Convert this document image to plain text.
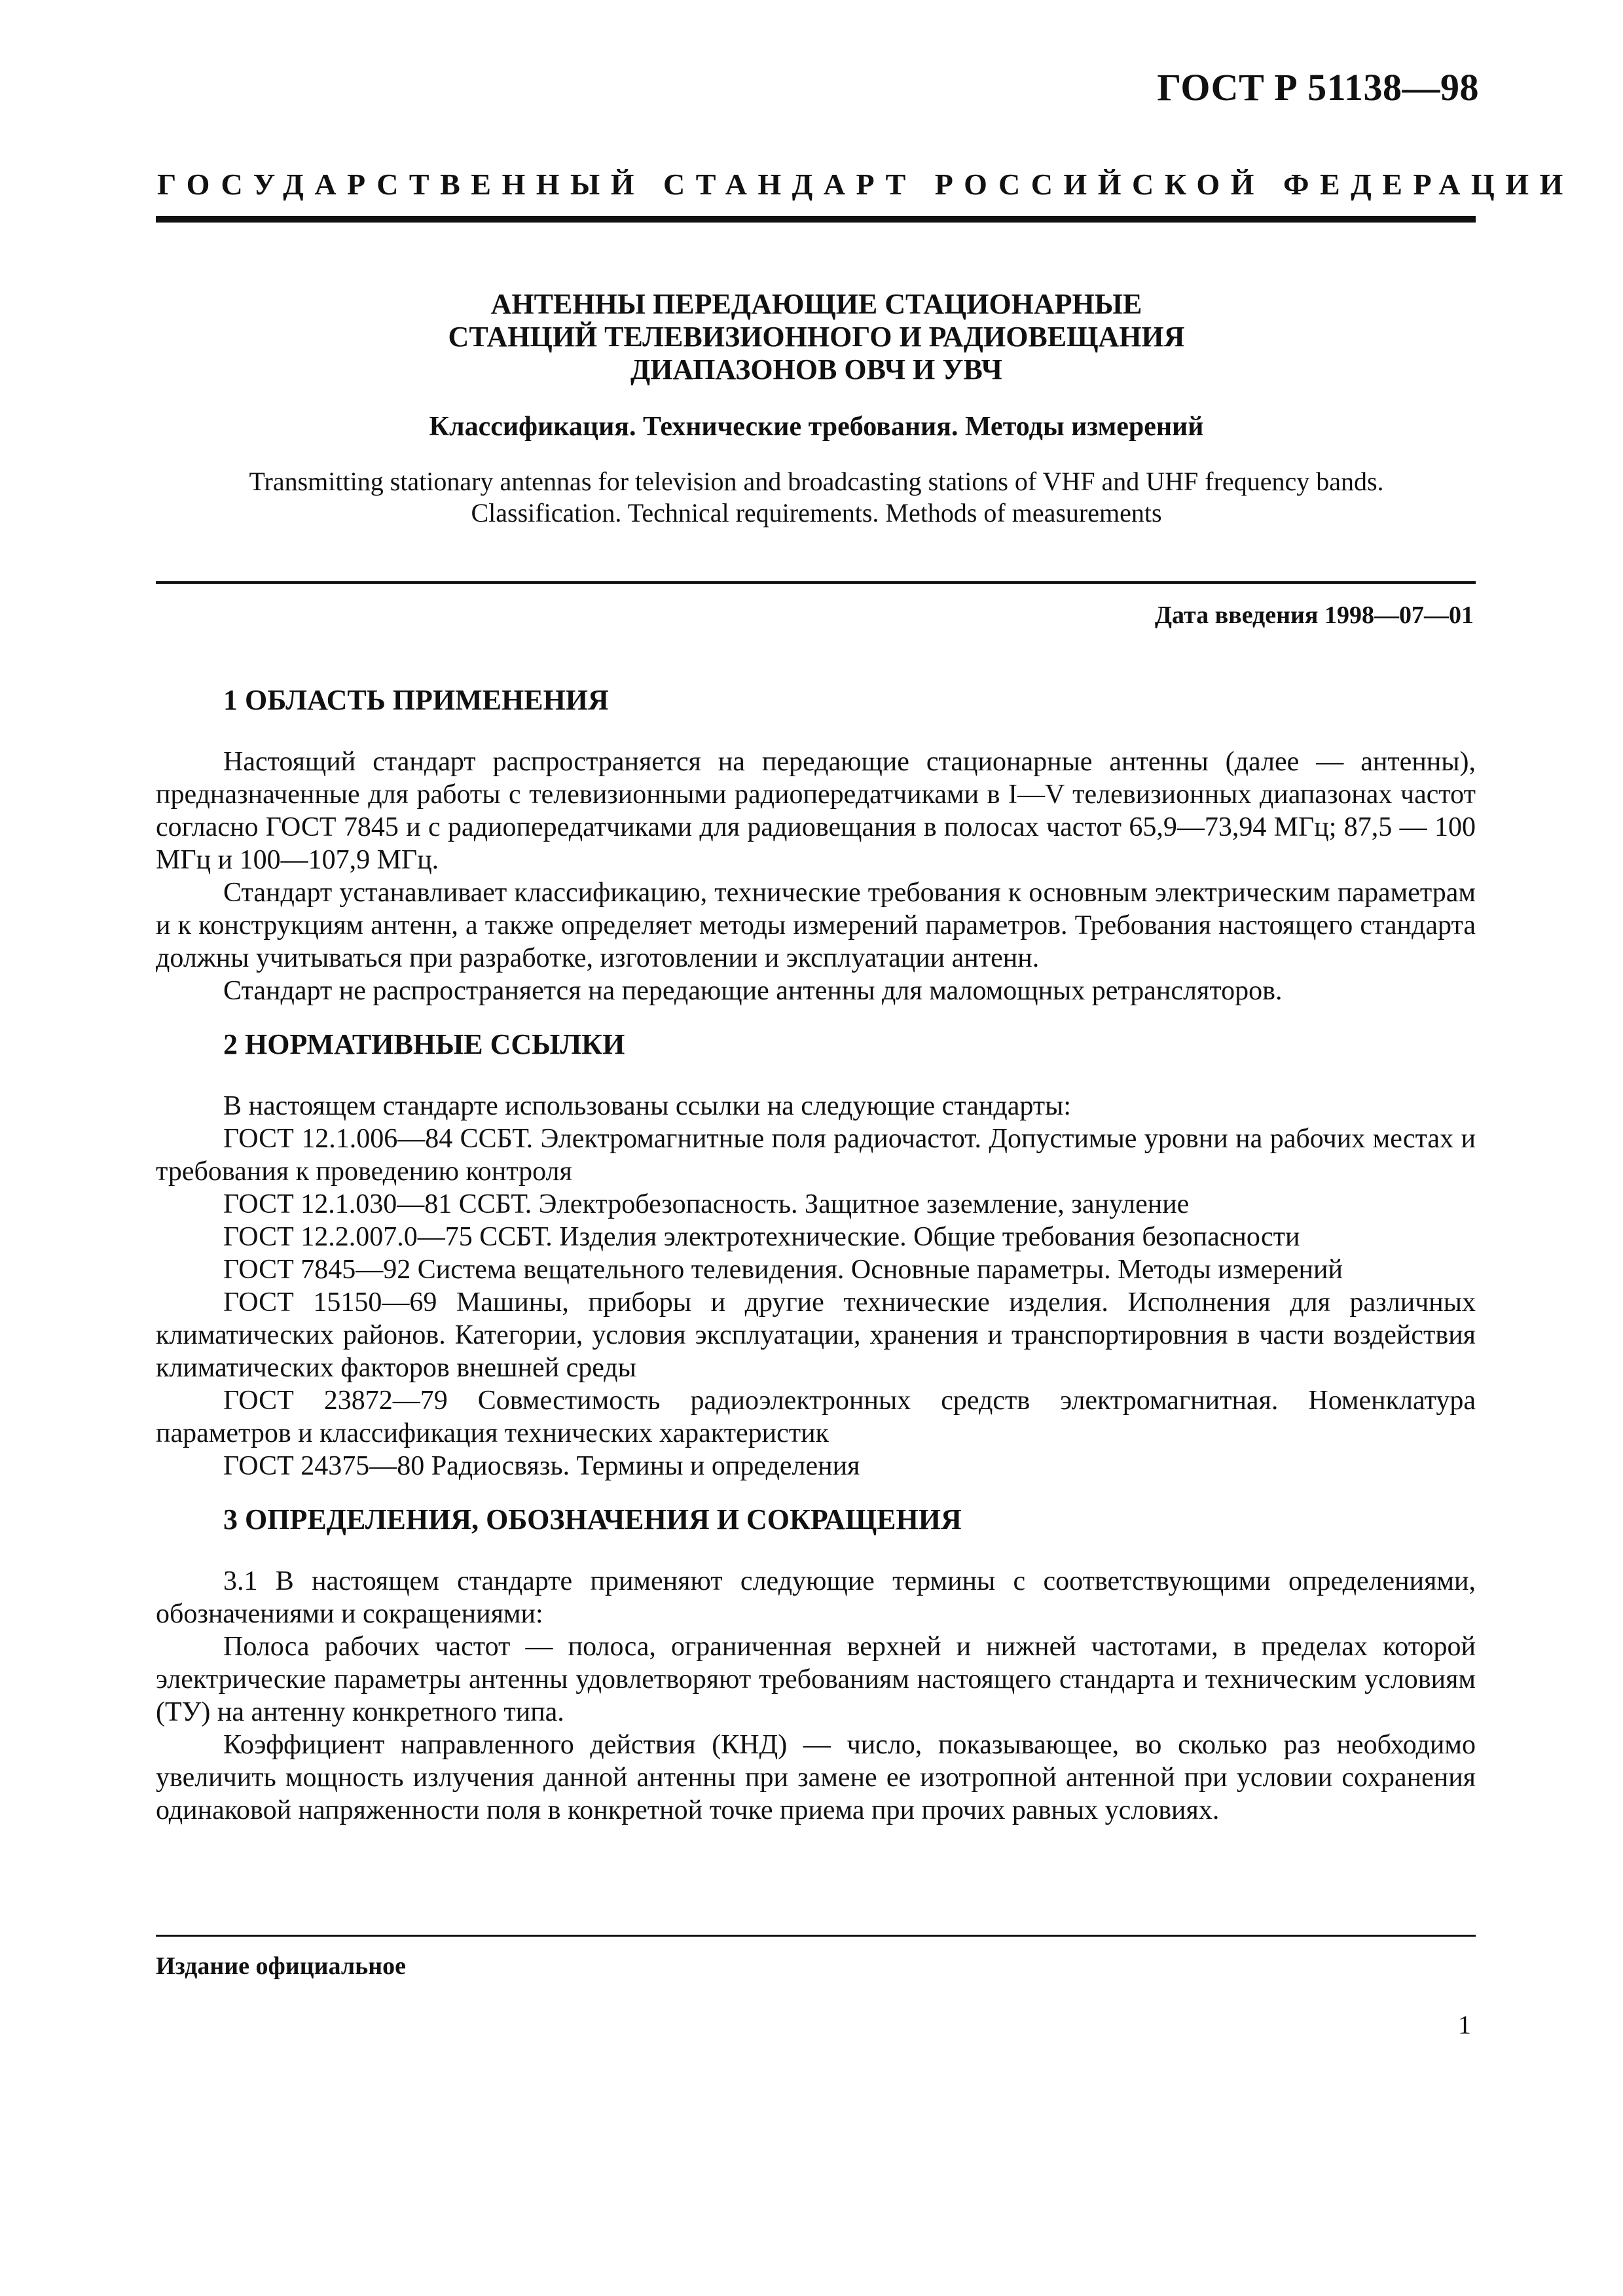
ГОСТ Р 51138—98
ГОСУДАРСТВЕННЫЙ СТАНДАРТ РОССИЙСКОЙ ФЕДЕРАЦИИ
АНТЕННЫ ПЕРЕДАЮЩИЕ СТАЦИОНАРНЫЕ
СТАНЦИЙ ТЕЛЕВИЗИОННОГО И РАДИОВЕЩАНИЯ
ДИАПАЗОНОВ ОВЧ И УВЧ
Классификация. Технические требования. Методы измерений
Transmitting stationary antennas for television and broadcasting stations of VHF and UHF frequency bands.
Classification. Technical requirements. Methods of measurements
Дата введения 1998—07—01
1 ОБЛАСТЬ ПРИМЕНЕНИЯ

Настоящий стандарт распространяется на передающие стационарные антенны (далее — антенны), предназначенные для работы с телевизионными радиопередатчиками в I—V телевизионных диапазонах частот согласно ГОСТ 7845 и с радиопередатчиками для радиовещания в полосах частот 65,9—73,94 МГц; 87,5 — 100 МГц и 100—107,9 МГц.

Стандарт устанавливает классификацию, технические требования к основным электрическим параметрам и к конструкциям антенн, а также определяет методы измерений параметров. Требования настоящего стандарта должны учитываться при разработке, изготовлении и эксплуатации антенн.

Стандарт не распространяется на передающие антенны для маломощных ретрансляторов.

2 НОРМАТИВНЫЕ ССЫЛКИ

В настоящем стандарте использованы ссылки на следующие стандарты:

ГОСТ 12.1.006—84 ССБТ. Электромагнитные поля радиочастот. Допустимые уровни на рабочих местах и требования к проведению контроля

ГОСТ 12.1.030—81 ССБТ. Электробезопасность. Защитное заземление, зануление

ГОСТ 12.2.007.0—75 ССБТ. Изделия электротехнические. Общие требования безопасности

ГОСТ 7845—92 Система вещательного телевидения. Основные параметры. Методы измерений

ГОСТ 15150—69 Машины, приборы и другие технические изделия. Исполнения для различных климатических районов. Категории, условия эксплуатации, хранения и транспортировния в части воздействия климатических факторов внешней среды

ГОСТ 23872—79 Совместимость радиоэлектронных средств электромагнитная. Номенклатура параметров и классификация технических характеристик

ГОСТ 24375—80 Радиосвязь. Термины и определения

3 ОПРЕДЕЛЕНИЯ, ОБОЗНАЧЕНИЯ И СОКРАЩЕНИЯ

3.1 В настоящем стандарте применяют следующие термины с соответствующими определениями, обозначениями и сокращениями:

Полоса рабочих частот — полоса, ограниченная верхней и нижней частотами, в пределах которой электрические параметры антенны удовлетворяют требованиям настоящего стандарта и техническим условиям (ТУ) на антенну конкретного типа.

Коэффициент направленного действия (КНД) — число, показывающее, во сколько раз необходимо увеличить мощность излучения данной антенны при замене ее изотропной антенной при условии сохранения одинаковой напряженности поля в конкретной точке приема при прочих равных условиях.

Издание официальное
1
